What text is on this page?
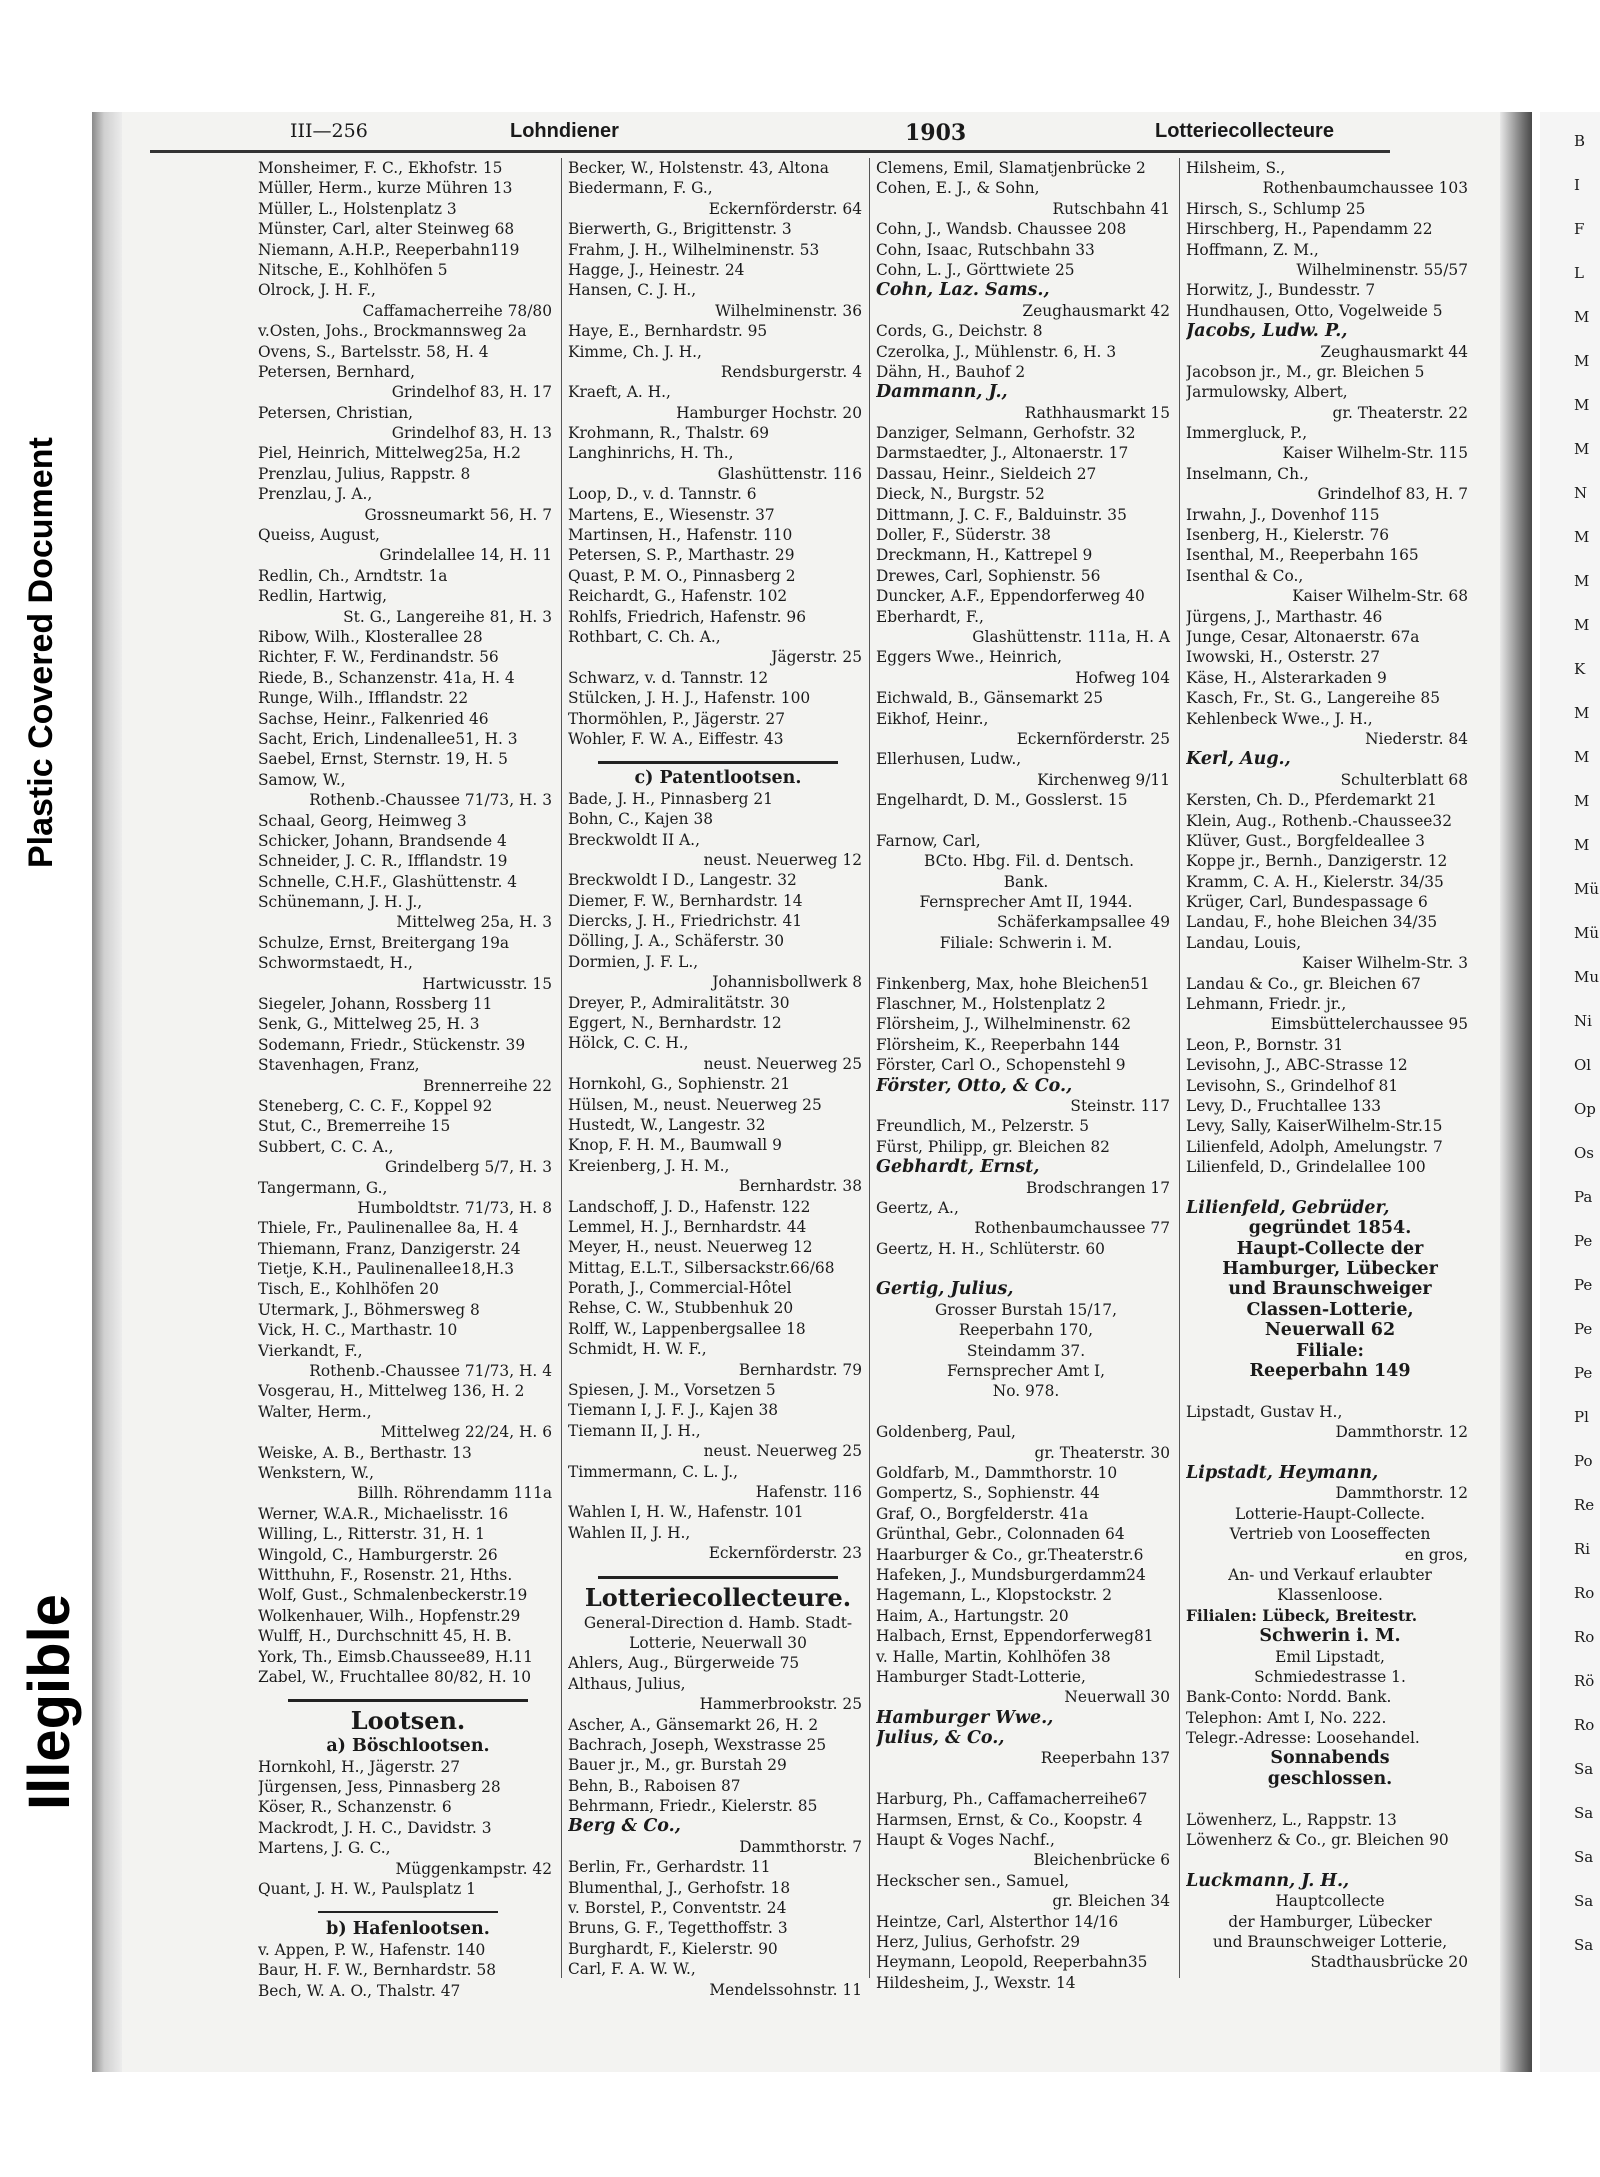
Plastic Covered Document
Illegible
B
I
F
L
M
M
M
M
N
M
M
M
K
M
M
M
M
Mü
Mü
Mu
Ni
Ol
Op
Os
Pa
Pe
Pe
Pe
Pe
Pl
Po
Re
Ri
Ro
Ro
Rö
Ro
Sa
Sa
Sa
Sa
Sa
III—256	Lohndiener	1903	Lotteriecollecteure
Monsheimer, F. C., Ekhofstr. 15
Müller, Herm., kurze Mühren 13
Müller, L., Holstenplatz 3
Münster, Carl, alter Steinweg 68
Niemann, A.H.P., Reeperbahn119
Nitsche, E., Kohlhöfen 5
Olrock, J. H. F.,
Caffamacherreihe 78/80
v.Osten, Johs., Brockmannsweg 2a
Ovens, S., Bartelsstr. 58, H. 4
Petersen, Bernhard,
Grindelhof 83, H. 17
Petersen, Christian,
Grindelhof 83, H. 13
Piel, Heinrich, Mittelweg25a, H.2
Prenzlau, Julius, Rappstr. 8
Prenzlau, J. A.,
Grossneumarkt 56, H. 7
Queiss, August,
Grindelallee 14, H. 11
Redlin, Ch., Arndtstr. 1a
Redlin, Hartwig,
St. G., Langereihe 81, H. 3
Ribow, Wilh., Klosterallee 28
Richter, F. W., Ferdinandstr. 56
Riede, B., Schanzenstr. 41a, H. 4
Runge, Wilh., Ifflandstr. 22
Sachse, Heinr., Falkenried 46
Sacht, Erich, Lindenallee51, H. 3
Saebel, Ernst, Sternstr. 19, H. 5
Samow, W.,
Rothenb.-Chaussee 71/73, H. 3
Schaal, Georg, Heimweg 3
Schicker, Johann, Brandsende 4
Schneider, J. C. R., Ifflandstr. 19
Schnelle, C.H.F., Glashüttenstr. 4
Schünemann, J. H. J.,
Mittelweg 25a, H. 3
Schulze, Ernst, Breitergang 19a
Schwormstaedt, H.,
Hartwicusstr. 15
Siegeler, Johann, Rossberg 11
Senk, G., Mittelweg 25, H. 3
Sodemann, Friedr., Stückenstr. 39
Stavenhagen, Franz,
Brennerreihe 22
Steneberg, C. C. F., Koppel 92
Stut, C., Bremerreihe 15
Subbert, C. C. A.,
Grindelberg 5/7, H. 3
Tangermann, G.,
Humboldtstr. 71/73, H. 8
Thiele, Fr., Paulinenallee 8a, H. 4
Thiemann, Franz, Danzigerstr. 24
Tietje, K.H., Paulinenallee18,H.3
Tisch, E., Kohlhöfen 20
Utermark, J., Böhmersweg 8
Vick, H. C., Marthastr. 10
Vierkandt, F.,
Rothenb.-Chaussee 71/73, H. 4
Vosgerau, H., Mittelweg 136, H. 2
Walter, Herm.,
Mittelweg 22/24, H. 6
Weiske, A. B., Berthastr. 13
Wenkstern, W.,
Billh. Röhrendamm 111a
Werner, W.A.R., Michaelisstr. 16
Willing, L., Ritterstr. 31, H. 1
Wingold, C., Hamburgerstr. 26
Witthuhn, F., Rosenstr. 21, Hths.
Wolf, Gust., Schmalenbeckerstr.19
Wolkenhauer, Wilh., Hopfenstr.29
Wulff, H., Durchschnitt 45, H. B.
York, Th., Eimsb.Chaussee89, H.11
Zabel, W., Fruchtallee 80/82, H. 10
Lootsen.
a) Böschlootsen.
Hornkohl, H., Jägerstr. 27
Jürgensen, Jess, Pinnasberg 28
Köser, R., Schanzenstr. 6
Mackrodt, J. H. C., Davidstr. 3
Martens, J. G. C.,
Müggenkampstr. 42
Quant, J. H. W., Paulsplatz 1
b) Hafenlootsen.
v. Appen, P. W., Hafenstr. 140
Baur, H. F. W., Bernhardstr. 58
Bech, W. A. O., Thalstr. 47
Becker, W., Holstenstr. 43, Altona
Biedermann, F. G.,
Eckernförderstr. 64
Bierwerth, G., Brigittenstr. 3
Frahm, J. H., Wilhelminenstr. 53
Hagge, J., Heinestr. 24
Hansen, C. J. H.,
Wilhelminenstr. 36
Haye, E., Bernhardstr. 95
Kimme, Ch. J. H.,
Rendsburgerstr. 4
Kraeft, A. H.,
Hamburger Hochstr. 20
Krohmann, R., Thalstr. 69
Langhinrichs, H. Th.,
Glashüttenstr. 116
Loop, D., v. d. Tannstr. 6
Martens, E., Wiesenstr. 37
Martinsen, H., Hafenstr. 110
Petersen, S. P., Marthastr. 29
Quast, P. M. O., Pinnasberg 2
Reichardt, G., Hafenstr. 102
Rohlfs, Friedrich, Hafenstr. 96
Rothbart, C. Ch. A.,
Jägerstr. 25
Schwarz, v. d. Tannstr. 12
Stülcken, J. H. J., Hafenstr. 100
Thormöhlen, P., Jägerstr. 27
Wohler, F. W. A., Eiffestr. 43
c) Patentlootsen.
Bade, J. H., Pinnasberg 21
Bohn, C., Kajen 38
Breckwoldt II A.,
neust. Neuerweg 12
Breckwoldt I D., Langestr. 32
Diemer, F. W., Bernhardstr. 14
Diercks, J. H., Friedrichstr. 41
Dölling, J. A., Schäferstr. 30
Dormien, J. F. L.,
Johannisbollwerk 8
Dreyer, P., Admiralitätstr. 30
Eggert, N., Bernhardstr. 12
Hölck, C. C. H.,
neust. Neuerweg 25
Hornkohl, G., Sophienstr. 21
Hülsen, M., neust. Neuerweg 25
Hustedt, W., Langestr. 32
Knop, F. H. M., Baumwall 9
Kreienberg, J. H. M.,
Bernhardstr. 38
Landschoff, J. D., Hafenstr. 122
Lemmel, H. J., Bernhardstr. 44
Meyer, H., neust. Neuerweg 12
Mittag, E.L.T., Silbersackstr.66/68
Porath, J., Commercial-Hôtel
Rehse, C. W., Stubbenhuk 20
Rolff, W., Lappenbergsallee 18
Schmidt, H. W. F.,
Bernhardstr. 79
Spiesen, J. M., Vorsetzen 5
Tiemann I, J. F. J., Kajen 38
Tiemann II, J. H.,
neust. Neuerweg 25
Timmermann, C. L. J.,
Hafenstr. 116
Wahlen I, H. W., Hafenstr. 101
Wahlen II, J. H.,
Eckernförderstr. 23
Lotteriecollecteure.
General-Direction d. Hamb. Stadt-
Lotterie, Neuerwall 30
Ahlers, Aug., Bürgerweide 75
Althaus, Julius,
Hammerbrookstr. 25
Ascher, A., Gänsemarkt 26, H. 2
Bachrach, Joseph, Wexstrasse 25
Bauer jr., M., gr. Burstah 29
Behn, B., Raboisen 87
Behrmann, Friedr., Kielerstr. 85
Berg & Co.,
Dammthorstr. 7
Berlin, Fr., Gerhardstr. 11
Blumenthal, J., Gerhofstr. 18
v. Borstel, P., Conventstr. 24
Bruns, G. F., Tegetthoffstr. 3
Burghardt, F., Kielerstr. 90
Carl, F. A. W. W.,
Mendelssohnstr. 11
Clemens, Emil, Slamatjenbrücke 2
Cohen, E. J., & Sohn,
Rutschbahn 41
Cohn, J., Wandsb. Chaussee 208
Cohn, Isaac, Rutschbahn 33
Cohn, L. J., Görttwiete 25
Cohn, Laz. Sams.,
Zeughausmarkt 42
Cords, G., Deichstr. 8
Czerolka, J., Mühlenstr. 6, H. 3
Dähn, H., Bauhof 2
Dammann, J.,
Rathhausmarkt 15
Danziger, Selmann, Gerhofstr. 32
Darmstaedter, J., Altonaerstr. 17
Dassau, Heinr., Sieldeich 27
Dieck, N., Burgstr. 52
Dittmann, J. C. F., Balduinstr. 35
Doller, F., Süderstr. 38
Dreckmann, H., Kattrepel 9
Drewes, Carl, Sophienstr. 56
Duncker, A.F., Eppendorferweg 40
Eberhardt, F.,
Glashüttenstr. 111a, H. A
Eggers Wwe., Heinrich,
Hofweg 104
Eichwald, B., Gänsemarkt 25
Eikhof, Heinr.,
Eckernförderstr. 25
Ellerhusen, Ludw.,
Kirchenweg 9/11
Engelhardt, D. M., Gosslerst. 15
Farnow, Carl,
BCto. Hbg. Fil. d. Dentsch.
Bank.
Fernsprecher Amt II, 1944.
Schäferkampsallee 49
Filiale: Schwerin i. M.
Finkenberg, Max, hohe Bleichen51
Flaschner, M., Holstenplatz 2
Flörsheim, J., Wilhelminenstr. 62
Flörsheim, K., Reeperbahn 144
Förster, Carl O., Schopenstehl 9
Förster, Otto, & Co.,
Steinstr. 117
Freundlich, M., Pelzerstr. 5
Fürst, Philipp, gr. Bleichen 82
Gebhardt, Ernst,
Brodschrangen 17
Geertz, A.,
Rothenbaumchaussee 77
Geertz, H. H., Schlüterstr. 60
Gertig, Julius,
Grosser Burstah 15/17,
Reeperbahn 170,
Steindamm 37.
Fernsprecher Amt I,
No. 978.
Goldenberg, Paul,
gr. Theaterstr. 30
Goldfarb, M., Dammthorstr. 10
Gompertz, S., Sophienstr. 44
Graf, O., Borgfelderstr. 41a
Grünthal, Gebr., Colonnaden 64
Haarburger & Co., gr.Theaterstr.6
Hafeken, J., Mundsburgerdamm24
Hagemann, L., Klopstockstr. 2
Haim, A., Hartungstr. 20
Halbach, Ernst, Eppendorferweg81
v. Halle, Martin, Kohlhöfen 38
Hamburger Stadt-Lotterie,
Neuerwall 30
Hamburger Wwe.,
Julius, & Co.,
Reeperbahn 137
Harburg, Ph., Caffamacherreihe67
Harmsen, Ernst, & Co., Koopstr. 4
Haupt & Voges Nachf.,
Bleichenbrücke 6
Heckscher sen., Samuel,
gr. Bleichen 34
Heintze, Carl, Alsterthor 14/16
Herz, Julius, Gerhofstr. 29
Heymann, Leopold, Reeperbahn35
Hildesheim, J., Wexstr. 14
Hilsheim, S.,
Rothenbaumchaussee 103
Hirsch, S., Schlump 25
Hirschberg, H., Papendamm 22
Hoffmann, Z. M.,
Wilhelminenstr. 55/57
Horwitz, J., Bundesstr. 7
Hundhausen, Otto, Vogelweide 5
Jacobs, Ludw. P.,
Zeughausmarkt 44
Jacobson jr., M., gr. Bleichen 5
Jarmulowsky, Albert,
gr. Theaterstr. 22
Immergluck, P.,
Kaiser Wilhelm-Str. 115
Inselmann, Ch.,
Grindelhof 83, H. 7
Irwahn, J., Dovenhof 115
Isenberg, H., Kielerstr. 76
Isenthal, M., Reeperbahn 165
Isenthal & Co.,
Kaiser Wilhelm-Str. 68
Jürgens, J., Marthastr. 46
Junge, Cesar, Altonaerstr. 67a
Iwowski, H., Osterstr. 27
Käse, H., Alsterarkaden 9
Kasch, Fr., St. G., Langereihe 85
Kehlenbeck Wwe., J. H.,
Niederstr. 84
Kerl, Aug.,
Schulterblatt 68
Kersten, Ch. D., Pferdemarkt 21
Klein, Aug., Rothenb.-Chaussee32
Klüver, Gust., Borgfeldeallee 3
Koppe jr., Bernh., Danzigerstr. 12
Kramm, C. A. H., Kielerstr. 34/35
Krüger, Carl, Bundespassage 6
Landau, F., hohe Bleichen 34/35
Landau, Louis,
Kaiser Wilhelm-Str. 3
Landau & Co., gr. Bleichen 67
Lehmann, Friedr. jr.,
Eimsbüttelerchaussee 95
Leon, P., Bornstr. 31
Levisohn, J., ABC-Strasse 12
Levisohn, S., Grindelhof 81
Levy, D., Fruchtallee 133
Levy, Sally, KaiserWilhelm-Str.15
Lilienfeld, Adolph, Amelungstr. 7
Lilienfeld, D., Grindelallee 100
Lilienfeld, Gebrüder,
gegründet 1854.
Haupt-Collecte der
Hamburger, Lübecker
und Braunschweiger
Classen-Lotterie,
Neuerwall 62
Filiale:
Reeperbahn 149
Lipstadt, Gustav H.,
Dammthorstr. 12
Lipstadt, Heymann,
Dammthorstr. 12
Lotterie-Haupt-Collecte.
Vertrieb von Looseffecten
en gros,
An- und Verkauf erlaubter
Klassenloose.
Filialen: Lübeck, Breitestr.
Schwerin i. M.
Emil Lipstadt,
Schmiedestrasse 1.
Bank-Conto: Nordd. Bank.
Telephon: Amt I, No. 222.
Telegr.-Adresse: Loosehandel.
Sonnabends
geschlossen.
Löwenherz, L., Rappstr. 13
Löwenherz & Co., gr. Bleichen 90
Luckmann, J. H.,
Hauptcollecte
der Hamburger, Lübecker
und Braunschweiger Lotterie,
Stadthausbrücke 20
